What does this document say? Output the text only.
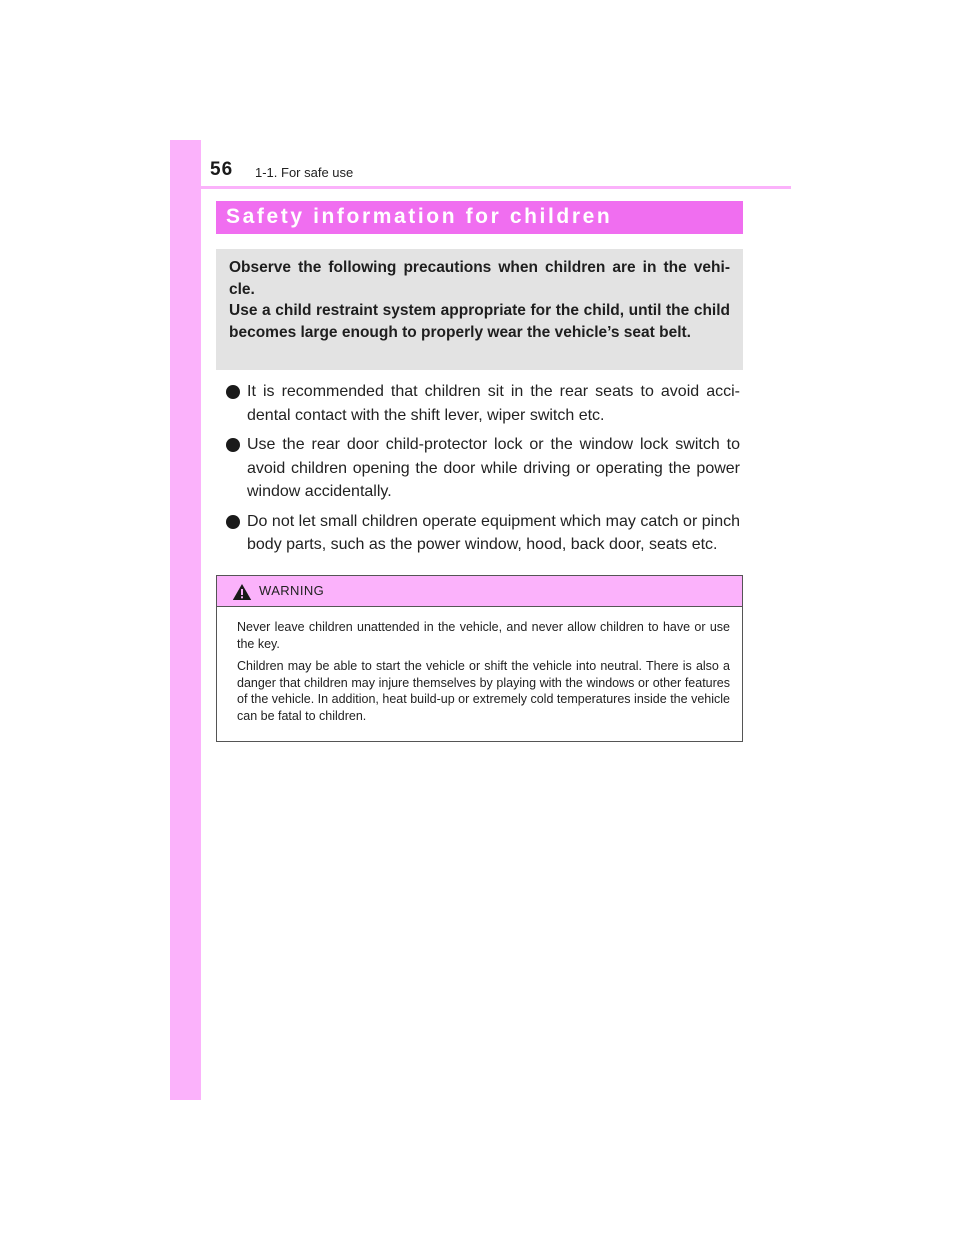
56 1-1. For safe use
Safety information for children

Observe the following precautions when children are in the vehi-cle.

Use a child restraint system appropriate for the child, until the child becomes large enough to properly wear the vehicle’s seat belt.

It is recommended that children sit in the rear seats to avoid acci-dental contact with the shift lever, wiper switch etc.
Use the rear door child-protector lock or the window lock switch to avoid children opening the door while driving or operating the power window accidentally.
Do not let small children operate equipment which may catch or pinch body parts, such as the power window, hood, back door, seats etc.
WARNING

Never leave children unattended in the vehicle, and never allow children to have or use the key.

Children may be able to start the vehicle or shift the vehicle into neutral. There is also a danger that children may injure themselves by playing with the windows or other features of the vehicle. In addition, heat build-up or extremely cold temperatures inside the vehicle can be fatal to children.
